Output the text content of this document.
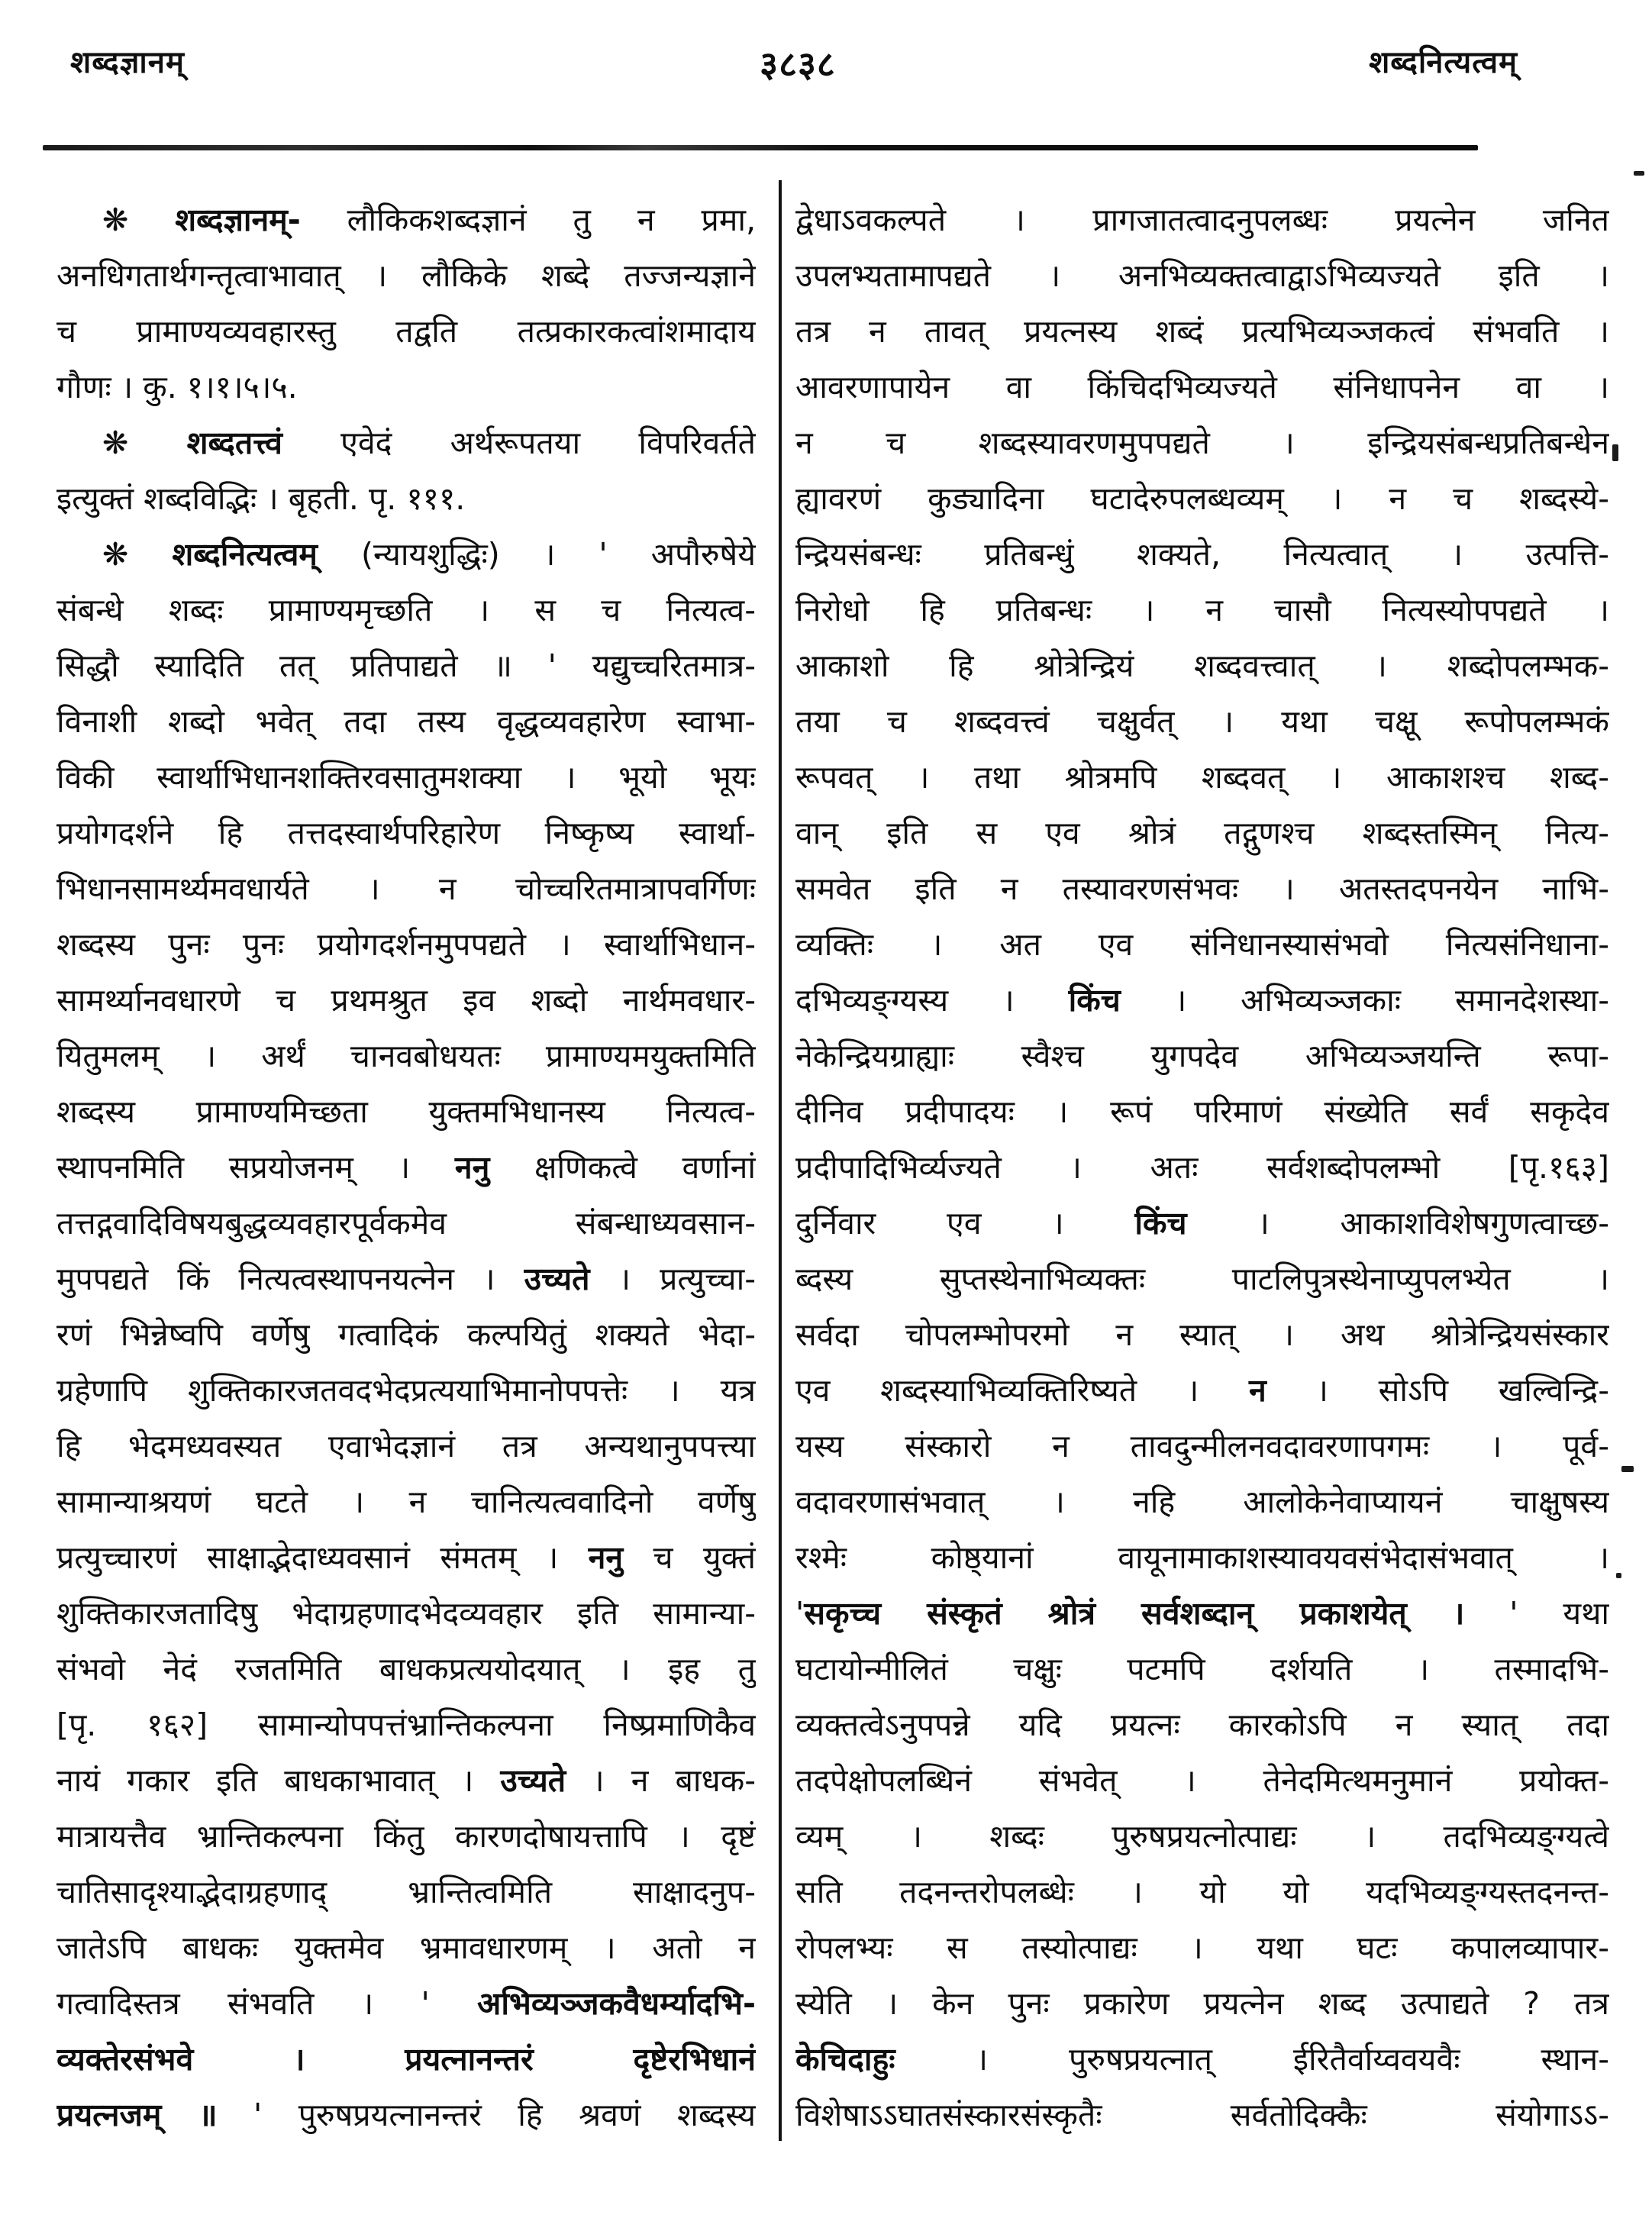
शब्दज्ञानम्	३८३८	शब्दनित्यत्वम्
❋ शब्दज्ञानम्- लौकिकशब्दज्ञानं तु न प्रमा,
अनधिगतार्थगन्तृत्वाभावात् । लौकिके शब्दे तज्जन्यज्ञाने
च प्रामाण्यव्यवहारस्तु तद्वति तत्प्रकारकत्वांशमादाय
गौणः । कु. १।१।५।५.
❋ शब्दतत्त्वं एवेदं अर्थरूपतया विपरिवर्तते
इत्युक्तं शब्दविद्भिः । बृहती. पृ. १११.
❋ शब्दनित्यत्वम् (न्यायशुद्धिः) । ' अपौरुषेये
संबन्धे शब्दः प्रामाण्यमृच्छति । स च नित्यत्व-
सिद्धौ स्यादिति तत् प्रतिपाद्यते ॥ ' यद्युच्चरितमात्र-
विनाशी शब्दो भवेत् तदा तस्य वृद्धव्यवहारेण स्वाभा-
विकी स्वार्थाभिधानशक्तिरवसातुमशक्या । भूयो भूयः
प्रयोगदर्शने हि तत्तदस्वार्थपरिहारेण निष्कृष्य स्वार्था-
भिधानसामर्थ्यमवधार्यते । न चोच्चरितमात्रापवर्गिणः
शब्दस्य पुनः पुनः प्रयोगदर्शनमुपपद्यते । स्वार्थाभिधान-
सामर्थ्यानवधारणे च प्रथमश्रुत इव शब्दो नार्थमवधार-
यितुमलम् । अर्थं चानवबोधयतः प्रामाण्यमयुक्तमिति
शब्दस्य प्रामाण्यमिच्छता युक्तमभिधानस्य नित्यत्व-
स्थापनमिति सप्रयोजनम् । ननु क्षणिकत्वे वर्णानां
तत्तद्गवादिविषयबुद्धव्यवहारपूर्वकमेव संबन्धाध्यवसान-
मुपपद्यते किं नित्यत्वस्थापनयत्नेन । उच्यते । प्रत्युच्चा-
रणं भिन्नेष्वपि वर्णेषु गत्वादिकं कल्पयितुं शक्यते भेदा-
ग्रहेणापि शुक्तिकारजतवदभेदप्रत्ययाभिमानोपपत्तेः । यत्र
हि भेदमध्यवस्यत एवाभेदज्ञानं तत्र अन्यथानुपपत्त्या
सामान्याश्रयणं घटते । न चानित्यत्ववादिनो वर्णेषु
प्रत्युच्चारणं साक्षाद्भेदाध्यवसानं संमतम् । ननु च युक्तं
शुक्तिकारजतादिषु भेदाग्रहणादभेदव्यवहार इति सामान्या-
संभवो नेदं रजतमिति बाधकप्रत्ययोदयात् । इह तु
[पृ. १६२] सामान्योपपत्तंभ्रान्तिकल्पना निष्प्रमाणिकैव
नायं गकार इति बाधकाभावात् । उच्यते । न बाधक-
मात्रायत्तैव भ्रान्तिकल्पना किंतु कारणदोषायत्तापि । दृष्टं
चातिसादृश्याद्भेदाग्रहणाद् भ्रान्तित्वमिति साक्षादनुप-
जातेऽपि बाधकः युक्तमेव भ्रमावधारणम् । अतो न
गत्वादिस्तत्र संभवति । ' अभिव्यञ्जकवैधर्म्यादभि-
व्यक्तेरसंभवे । प्रयत्नानन्तरं दृष्टेरभिधानं
प्रयत्नजम् ॥ ' पुरुषप्रयत्नानन्तरं हि श्रवणं शब्दस्य
द्वेधाऽवकल्पते । प्रागजातत्वादनुपलब्धः प्रयत्नेन जनित
उपलभ्यतामापद्यते । अनभिव्यक्तत्वाद्वाऽभिव्यज्यते इति ।
तत्र न तावत् प्रयत्नस्य शब्दं प्रत्यभिव्यञ्जकत्वं संभवति ।
आवरणापायेन वा किंचिदभिव्यज्यते संनिधापनेन वा ।
न च शब्दस्यावरणमुपपद्यते । इन्द्रियसंबन्धप्रतिबन्धेन
ह्यावरणं कुड्यादिना घटादेरुपलब्धव्यम् । न च शब्दस्ये-
न्द्रियसंबन्धः प्रतिबन्धुं शक्यते, नित्यत्वात् । उत्पत्ति-
निरोधो हि प्रतिबन्धः । न चासौ नित्यस्योपपद्यते ।
आकाशो हि श्रोत्रेन्द्रियं शब्दवत्त्वात् । शब्दोपलम्भक-
तया च शब्दवत्त्वं चक्षुर्वत् । यथा चक्षू रूपोपलम्भकं
रूपवत् । तथा श्रोत्रमपि शब्दवत् । आकाशश्च शब्द-
वान् इति स एव श्रोत्रं तद्गुणश्च शब्दस्तस्मिन् नित्य-
समवेत इति न तस्यावरणसंभवः । अतस्तदपनयेन नाभि-
व्यक्तिः । अत एव संनिधानस्यासंभवो नित्यसंनिधाना-
दभिव्यङ्ग्यस्य । किंच । अभिव्यञ्जकाः समानदेशस्था-
नेकेन्द्रियग्राह्याः स्वैश्च युगपदेव अभिव्यञ्जयन्ति रूपा-
दीनिव प्रदीपादयः । रूपं परिमाणं संख्येति सर्वं सकृदेव
प्रदीपादिभिर्व्यज्यते । अतः सर्वशब्दोपलम्भो [पृ.१६३]
दुर्निवार एव । किंच । आकाशविशेषगुणत्वाच्छ-
ब्दस्य सुप्तस्थेनाभिव्यक्तः पाटलिपुत्रस्थेनाप्युपलभ्येत ।
सर्वदा चोपलम्भोपरमो न स्यात् । अथ श्रोत्रेन्द्रियसंस्कार
एव शब्दस्याभिव्यक्तिरिष्यते । न । सोऽपि खल्विन्द्रि-
यस्य संस्कारो न तावदुन्मीलनवदावरणापगमः । पूर्व-
वदावरणासंभवात् । नहि आलोकेनेवाप्यायनं चाक्षुषस्य
रश्मेः कोष्ठ्यानां वायूनामाकाशस्यावयवसंभेदासंभवात् ।
'सकृच्च संस्कृतं श्रोत्रं सर्वशब्दान् प्रकाशयेत् । ' यथा
घटायोन्मीलितं चक्षुः पटमपि दर्शयति । तस्मादभि-
व्यक्तत्वेऽनुपपन्ने यदि प्रयत्नः कारकोऽपि न स्यात् तदा
तदपेक्षोपलब्धिनं संभवेत् । तेनेदमित्थमनुमानं प्रयोक्त-
व्यम् । शब्दः पुरुषप्रयत्नोत्पाद्यः । तदभिव्यङ्ग्यत्वे
सति तदनन्तरोपलब्धेः । यो यो यदभिव्यङ्ग्यस्तदनन्त-
रोपलभ्यः स तस्योत्पाद्यः । यथा घटः कपालव्यापार-
स्येति । केन पुनः प्रकारेण प्रयत्नेन शब्द उत्पाद्यते ? तत्र
केचिदाहुः । पुरुषप्रयत्नात् ईरितैर्वाय्ववयवैः स्थान-
विशेषाऽऽघातसंस्कारसंस्कृतैः सर्वतोदिक्कैः संयोगाऽऽ-
